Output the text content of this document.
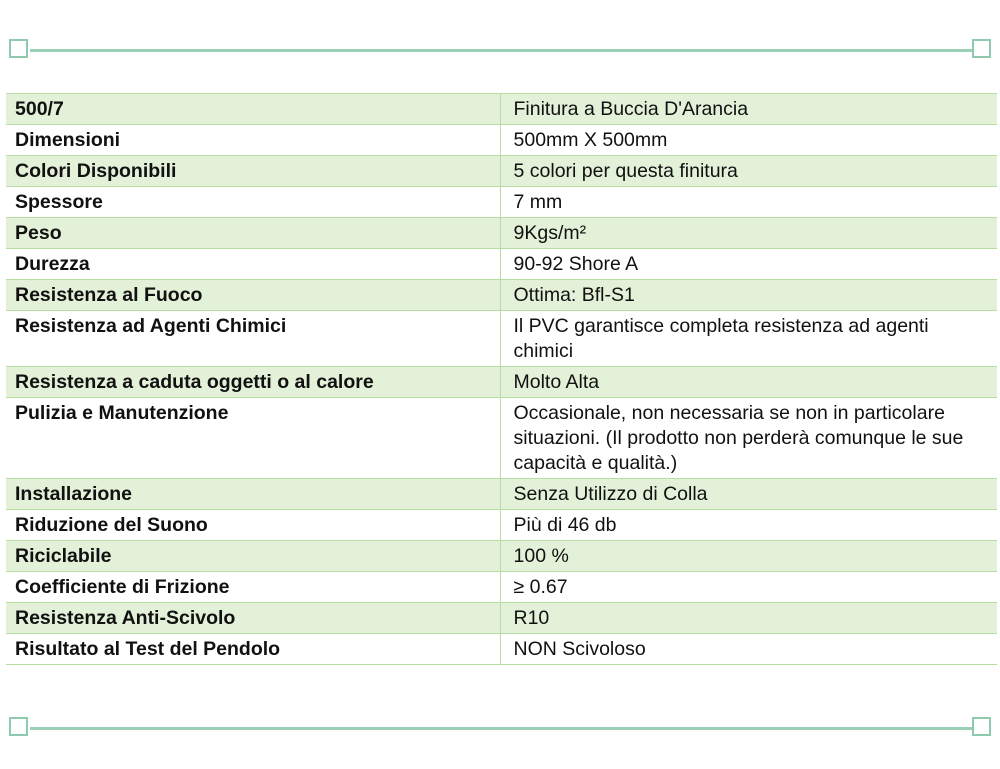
500/7	Finitura a Buccia D'Arancia
Dimensioni	500mm X 500mm
Colori Disponibili	5 colori per questa finitura
Spessore	7 mm
Peso	9Kgs/m²
Durezza	90-92 Shore A
Resistenza al Fuoco	Ottima: Bfl-S1
Resistenza ad Agenti Chimici	Il PVC garantisce completa resistenza ad agenti chimici
Resistenza a caduta oggetti o al calore	Molto Alta
Pulizia e Manutenzione	Occasionale, non necessaria se non in particolare situazioni. (Il prodotto non perderà comunque le sue capacità e qualità.)
Installazione	Senza Utilizzo di Colla
Riduzione del Suono	Più di 46 db
Riciclabile	100 %
Coefficiente di Frizione	≥ 0.67
Resistenza Anti-Scivolo	R10
Risultato al Test del Pendolo	NON Scivoloso
